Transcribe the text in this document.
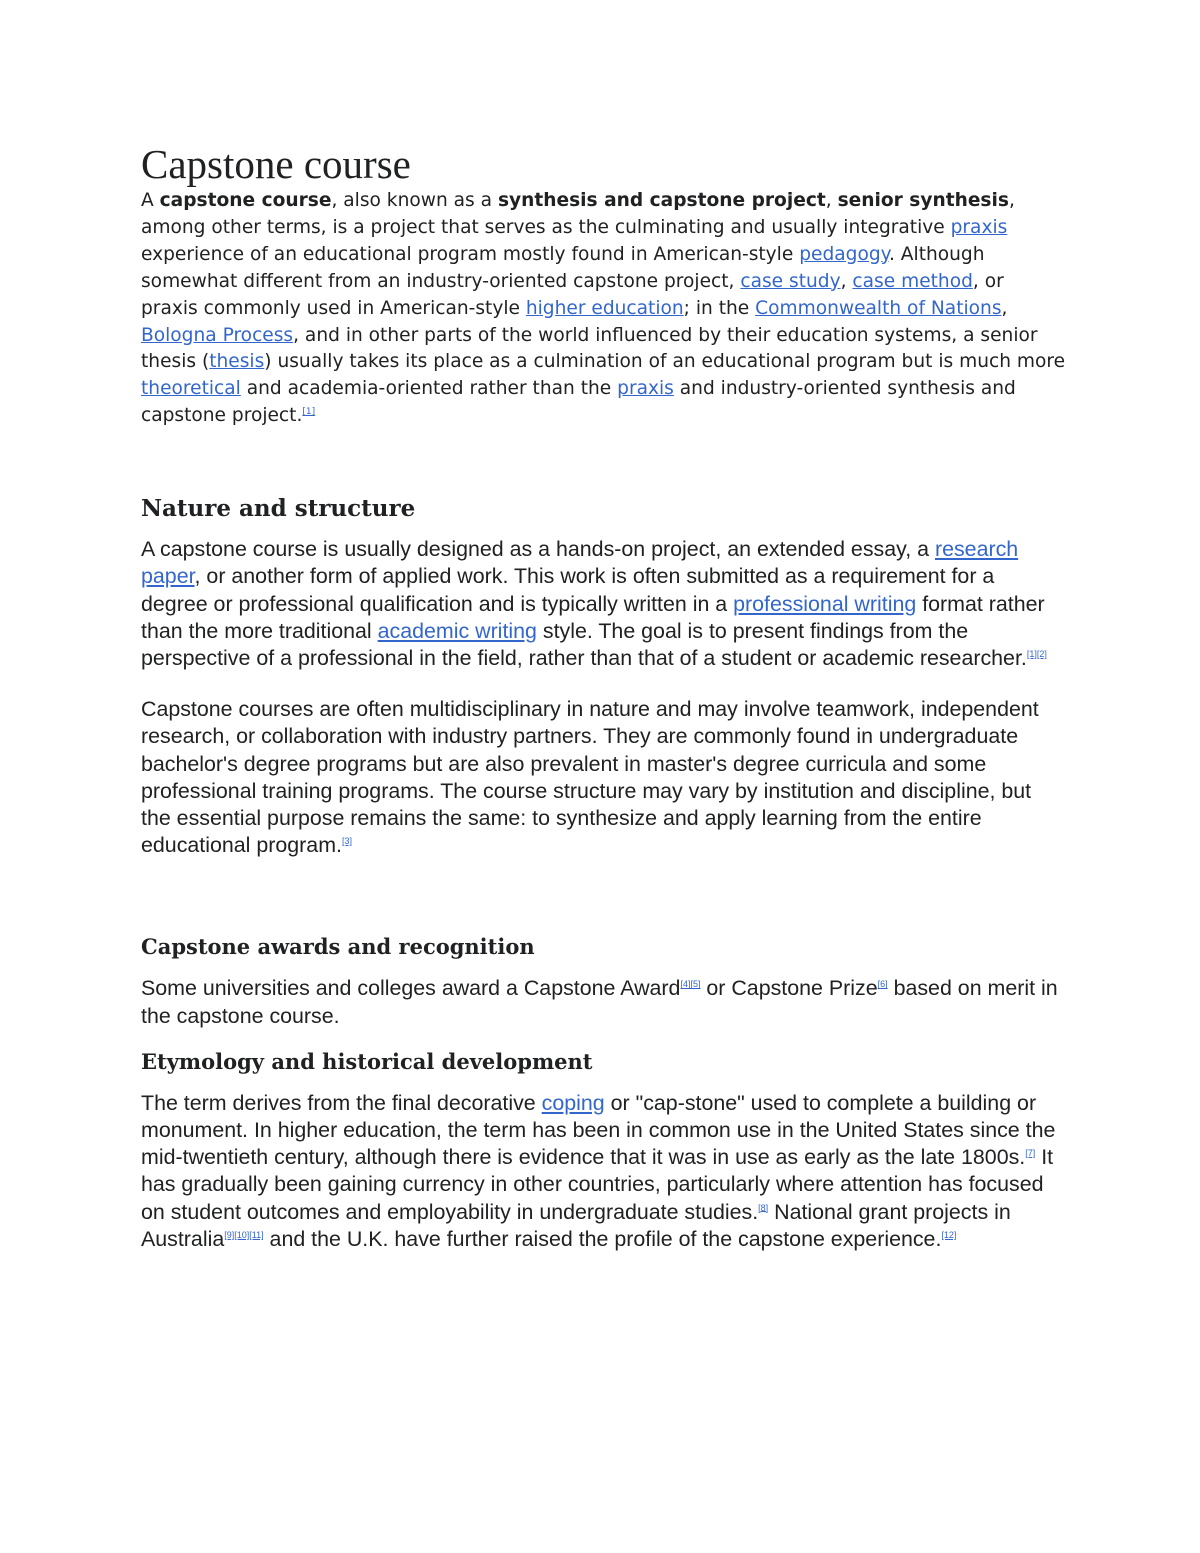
Capstone course

A capstone course, also known as a synthesis and capstone project, senior synthesis, among other terms, is a project that serves as the culminating and usually integrative praxis experience of an educational program mostly found in American-style pedagogy. Although somewhat different from an industry-oriented capstone project, case study, case method, or praxis commonly used in American-style higher education; in the Commonwealth of Nations, Bologna Process, and in other parts of the world influenced by their education systems, a senior thesis (thesis) usually takes its place as a culmination of an educational program but is much more theoretical and academia-oriented rather than the praxis and industry-oriented synthesis and capstone project.[1]

Nature and structure

A capstone course is usually designed as a hands-on project, an extended essay, a research paper, or another form of applied work. This work is often submitted as a requirement for a degree or professional qualification and is typically written in a professional writing format rather than the more traditional academic writing style. The goal is to present findings from the perspective of a professional in the field, rather than that of a student or academic researcher.[1][2]

Capstone courses are often multidisciplinary in nature and may involve teamwork, independent research, or collaboration with industry partners. They are commonly found in undergraduate bachelor's degree programs but are also prevalent in master's degree curricula and some professional training programs. The course structure may vary by institution and discipline, but the essential purpose remains the same: to synthesize and apply learning from the entire educational program.[3]

Capstone awards and recognition

Some universities and colleges award a Capstone Award[4][5] or Capstone Prize[6] based on merit in the capstone course.

Etymology and historical development

The term derives from the final decorative coping or "cap-stone" used to complete a building or monument. In higher education, the term has been in common use in the United States since the mid-twentieth century, although there is evidence that it was in use as early as the late 1800s.[7] It has gradually been gaining currency in other countries, particularly where attention has focused on student outcomes and employability in undergraduate studies.[8] National grant projects in Australia[9][10][11] and the U.K. have further raised the profile of the capstone experience.[12]
